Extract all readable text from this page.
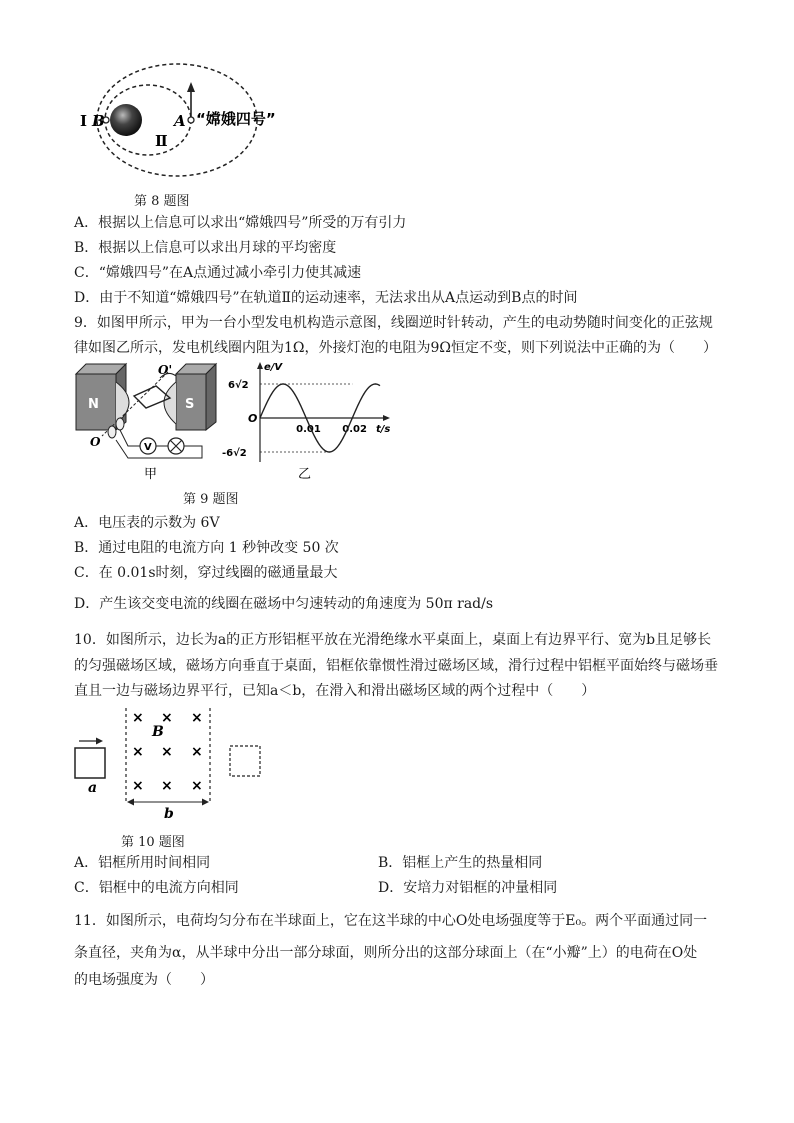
Ⅰ B
Ⅱ
A “嫦娥四号”
第 8 题图
A．根据以上信息可以求出“嫦娥四号”所受的万有引力
B．根据以上信息可以求出月球的平均密度
C．“嫦娥四号”在A点通过减小牵引力使其减速
D．由于不知道“嫦娥四号”在轨道Ⅱ的运动速率，无法求出从A点运动到B点的时间
9．如图甲所示，甲为一台小型发电机构造示意图，线圈逆时针转动，产生的电动势随时间变化的正弦规
律如图乙所示，发电机线圈内阻为1Ω，外接灯泡的电阻为9Ω恒定不变，则下列说法中正确的为（　　）
N	S
O'
O	V
甲
e/V
t/s
O
6√2
-6√2
0.01 0.02
乙
第 9 题图
A．电压表的示数为 6V
B．通过电阻的电流方向 1 秒钟改变 50 次
C．在 0.01s时刻，穿过线圈的磁通量最大
D．产生该交变电流的线圈在磁场中匀速转动的角速度为 50π rad/s
10．如图所示，边长为a的正方形铝框平放在光滑绝缘水平桌面上，桌面上有边界平行、宽为b且足够长
的匀强磁场区域，磁场方向垂直于桌面，铝框依靠惯性滑过磁场区域，滑行过程中铝框平面始终与磁场垂
直且一边与磁场边界平行，已知a＜b，在滑入和滑出磁场区域的两个过程中（　　）
a
× × ×
× × ×
× × ×
B
b
第 10 题图
A．铝框所用时间相同	B．铝框上产生的热量相同
C．铝框中的电流方向相同	D．安培力对铝框的冲量相同
11．如图所示，电荷均匀分布在半球面上，它在这半球的中心O处电场强度等于E₀。两个平面通过同一
条直径，夹角为α，从半球中分出一部分球面，则所分出的这部分球面上（在“小瓣”上）的电荷在O处
的电场强度为（　　）
